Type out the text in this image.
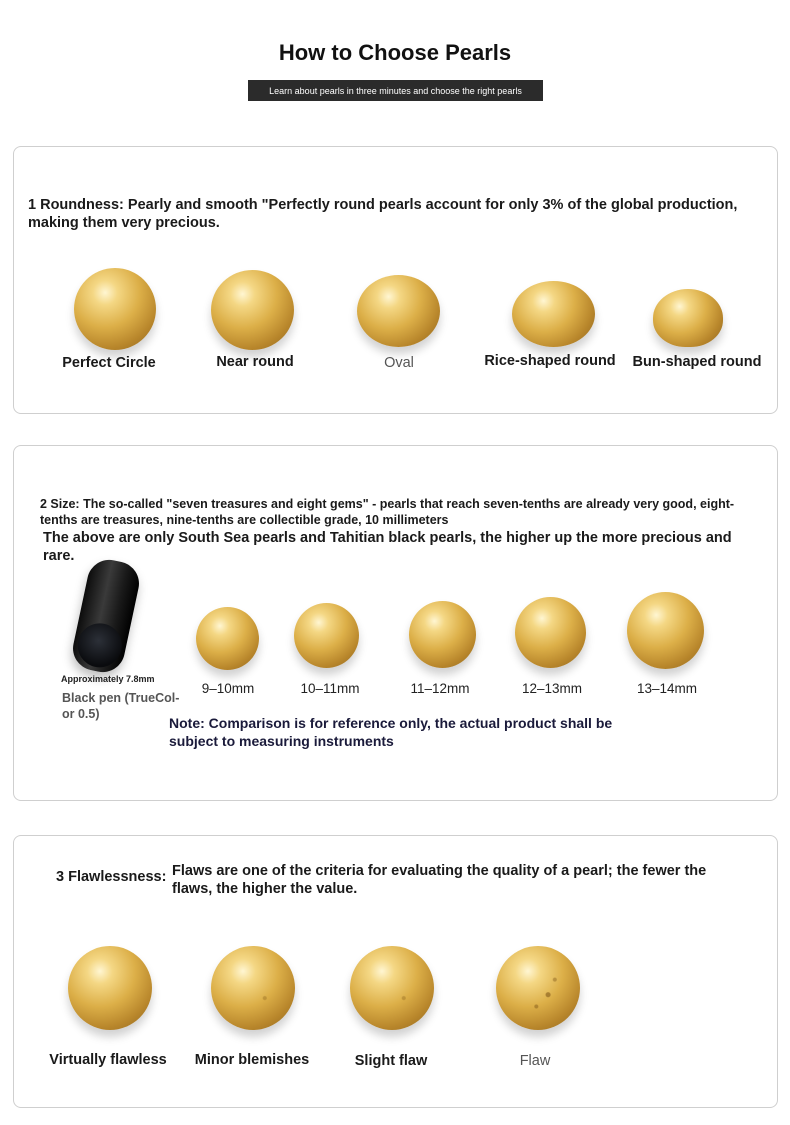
How to Choose Pearls
Learn about pearls in three minutes and choose the right pearls
1 Roundness: Pearly and smooth "Perfectly round pearls account for only 3% of the global production, making them very precious.
Perfect Circle	Near round	Oval	Rice-shaped round Bun-shaped round
2 Size: The so-called "seven treasures and eight gems" - pearls that reach seven-tenths are already very good, eight-tenths are treasures, nine-tenths are collectible grade, 10 millimeters
The above are only South Sea pearls and Tahitian black pearls, the higher up the more precious and rare.
Approximately 7.8mm
Black pen (TrueCol-or 0.5)
9–10mm	10–11mm	11–12mm	12–13mm	13–14mm
Note: Comparison is for reference only, the actual product shall be subject to measuring instruments
3 Flawlessness: Flaws are one of the criteria for evaluating the quality of a pearl; the fewer the flaws, the higher the value.
Virtually flawless Minor blemishes	Slight flaw	Flaw
